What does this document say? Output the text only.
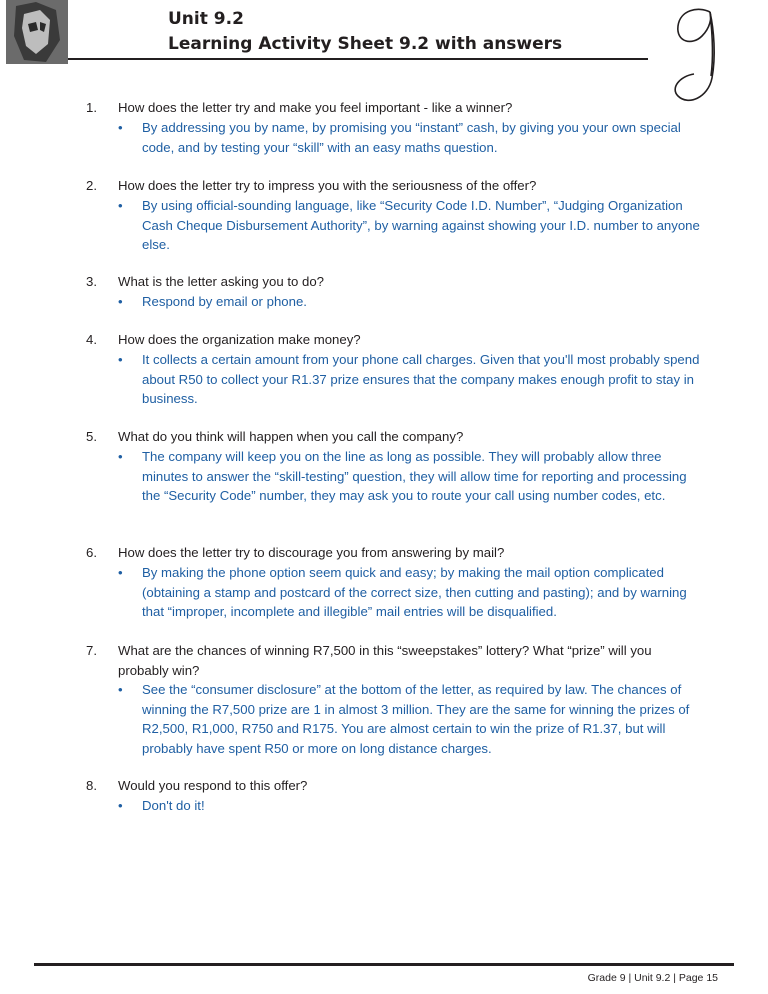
Unit 9.2
Learning Activity Sheet 9.2 with answers
1. How does the letter try and make you feel important - like a winner?
• By addressing you by name, by promising you “instant” cash, by giving you your own special code, and by testing your “skill” with an easy maths question.
2. How does the letter try to impress you with the seriousness of the offer?
• By using official-sounding language, like “Security Code I.D. Number”, “Judging Organization Cash Cheque Disbursement Authority”, by warning against showing your I.D. number to anyone else.
3. What is the letter asking you to do?
• Respond by email or phone.
4. How does the organization make money?
• It collects a certain amount from your phone call charges. Given that you'll most probably spend about R50 to collect your R1.37 prize ensures that the company makes enough profit to stay in business.
5. What do you think will happen when you call the company?
• The company will keep you on the line as long as possible. They will probably allow three minutes to answer the “skill-testing” question, they will allow time for reporting and processing the “Security Code” number, they may ask you to route your call using number codes, etc.
6. How does the letter try to discourage you from answering by mail?
• By making the phone option seem quick and easy; by making the mail option complicated (obtaining a stamp and postcard of the correct size, then cutting and pasting); and by warning that “improper, incomplete and illegible” mail entries will be disqualified.
7. What are the chances of winning R7,500 in this “sweepstakes” lottery? What “prize” will you probably win?
• See the “consumer disclosure” at the bottom of the letter, as required by law. The chances of winning the R7,500 prize are 1 in almost 3 million. They are the same for winning the prizes of R2,500, R1,000, R750 and R175. You are almost certain to win the prize of R1.37, but will probably have spent R50 or more on long distance charges.
8. Would you respond to this offer?
• Don't do it!
Grade 9 | Unit 9.2 | Page 15
